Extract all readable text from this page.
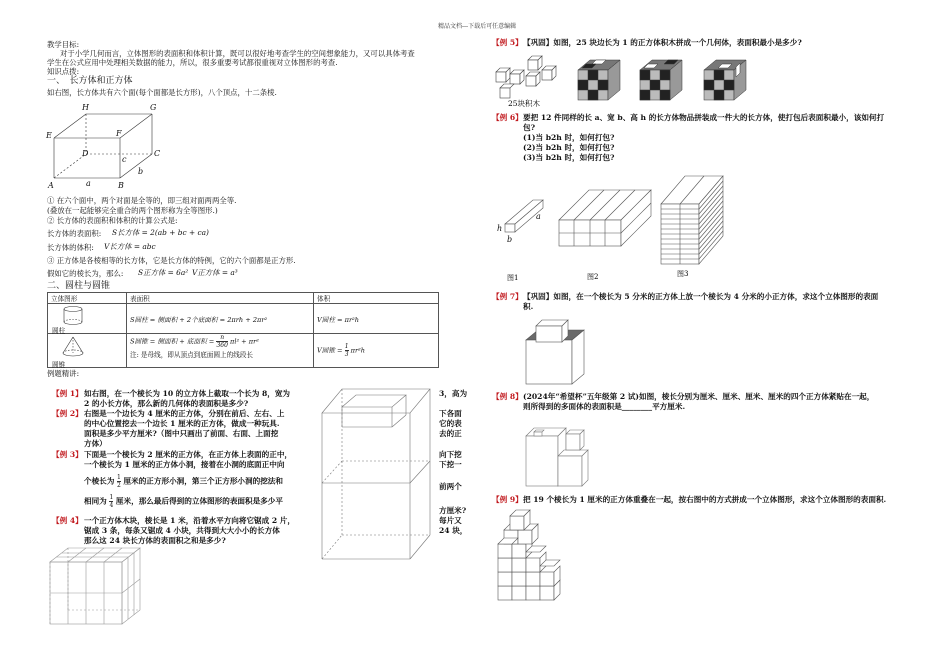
精品文档---下载后可任意编辑
教学目标:
对于小学几何而言，立体图形的表面积和体积计算，既可以很好地考查学生的空间想象能力，又可以具体考查
学生在公式应用中处理相关数据的能力，所以，很多重要考试都很重视对立体图形的考查.
知识点拨:
一、　长方体和正方体
如右图，长方体共有六个面(每个面都是长方形)，八个顶点，十二条棱.
H	G
E	F
D	C
A	B
a
b
c
① 在六个面中，两个对面是全等的，即三组对面两两全等.
(叠放在一起能够完全重合的两个图形称为全等图形.)
② 长方体的表面积和体积的计算公式是:
长方体的表面积: S长方体 = 2(ab + bc + ca)
长方体的体积: V长方体 = abc
③ 正方体是各棱相等的长方体，它是长方体的特例，它的六个面都是正方形.
假如它的棱长为，那么: S正方体 = 6a² V正方体 = a³
二、圆柱与圆锥
立体图形	表面积	体积

圆柱	S圆柱 = 侧面积 + 2个底面积 = 2πrh + 2πr²	V圆柱 = πr²h

圆锥	S圆锥 = 侧面积 + 底面积 = $\frac{n}{360} \pi l^2 + \pi r^2$
注: 是母线，即从顶点到底面圆上的线段长	V圆锥 = $\frac{1}{3} \pi r^2h$
例题精讲:
【例 1】 如右图，在一个棱长为 10 的立方体上截取一个长为 8，宽为
2 的小长方体，那么新的几何体的表面积是多少?
3，高为
【例 2】 右图是一个边长为 4 厘米的正方体，分别在前后、左右、上
的中心位置挖去一个边长 1 厘米的正方体，做成一种玩具.
面积是多少平方厘米?（图中只画出了前面、右面、上面挖
方体）
下各面
它的表
去的正
【例 3】 下面是一个棱长为 2 厘米的正方体，在正方体上表面的正中，
一个棱长为 1 厘米的正方体小洞，接着在小洞的底面正中向
个棱长为 $\frac{1}{2}$ 厘米的正方形小洞，第三个正方形小洞的挖法和
相同为 $\frac{1}{4}$ 厘米，那么最后得到的立体图形的表面积是多少平
向下挖
下挖一
前两个
方厘米?
【例 4】 一个正方体木块，棱长是 1 米，沿着水平方向将它锯成 2 片，
锯成 3 条，每条又锯成 4 小块，共得到大大小小的长方体
那么这 24 块长方体的表面积之和是多少?
每片又
24 块，
【例 5】 【巩固】如图，25 块边长为 1 的正方体积木拼成一个几何体，表面积最小是多少?
25块积木
【例 6】 要把 12 件同样的长 a、宽 b、高 h 的长方体物品拼装成一件大的长方体，使打包后表面积最小，该如何打
包?
(1)当 b2h 时，如何打包?
(2)当 b2h 时，如何打包?
(3)当 b2h 时，如何打包?
a
h
b
图1	图2	图3
【例 7】 【巩固】如图，在一个棱长为 5 分米的正方体上放一个棱长为 4 分米的小正方体，求这个立体图形的表面
积.
【例 8】 (2024年“希望杯”五年级第 2 试)如图，棱长分别为厘米、厘米、厘米、厘米的四个正方体紧贴在一起，
则所得到的多面体的表面积是________平方厘米.
【例 9】 把 19 个棱长为 1 厘米的正方体重叠在一起，按右图中的方式拼成一个立体图形，求这个立体图形的表面积.
